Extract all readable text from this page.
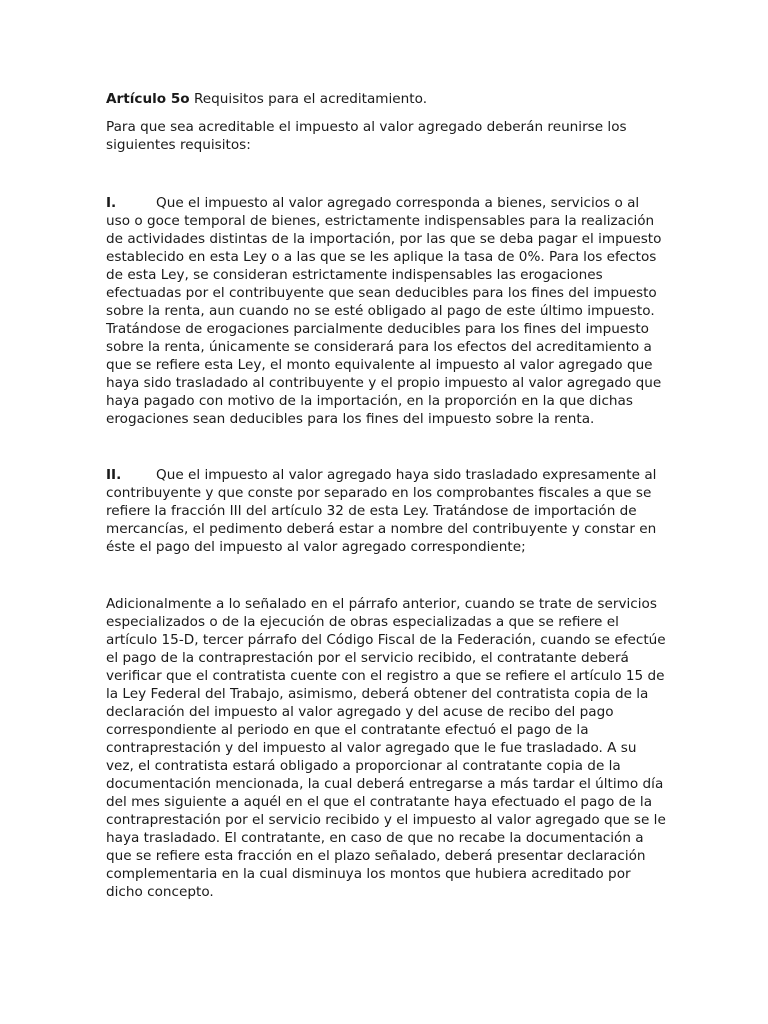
Artículo 5o Requisitos para el acreditamiento.

Para que sea acreditable el impuesto al valor agregado deberán reunirse los siguientes requisitos:

I.	Que el impuesto al valor agregado corresponda a bienes, servicios o al uso o goce temporal de bienes, estrictamente indispensables para la realización de actividades distintas de la importación, por las que se deba pagar el impuesto establecido en esta Ley o a las que se les aplique la tasa de 0%. Para los efectos de esta Ley, se consideran estrictamente indispensables las erogaciones efectuadas por el contribuyente que sean deducibles para los fines del impuesto sobre la renta, aun cuando no se esté obligado al pago de este último impuesto. Tratándose de erogaciones parcialmente deducibles para los fines del impuesto sobre la renta, únicamente se considerará para los efectos del acreditamiento a que se refiere esta Ley, el monto equivalente al impuesto al valor agregado que haya sido trasladado al contribuyente y el propio impuesto al valor agregado que haya pagado con motivo de la importación, en la proporción en la que dichas erogaciones sean deducibles para los fines del impuesto sobre la renta.

II.	Que el impuesto al valor agregado haya sido trasladado expresamente al contribuyente y que conste por separado en los comprobantes fiscales a que se refiere la fracción III del artículo 32 de esta Ley. Tratándose de importación de mercancías, el pedimento deberá estar a nombre del contribuyente y constar en éste el pago del impuesto al valor agregado correspondiente;

Adicionalmente a lo señalado en el párrafo anterior, cuando se trate de servicios especializados o de la ejecución de obras especializadas a que se refiere el artículo 15-D, tercer párrafo del Código Fiscal de la Federación, cuando se efectúe el pago de la contraprestación por el servicio recibido, el contratante deberá verificar que el contratista cuente con el registro a que se refiere el artículo 15 de la Ley Federal del Trabajo, asimismo, deberá obtener del contratista copia de la declaración del impuesto al valor agregado y del acuse de recibo del pago correspondiente al periodo en que el contratante efectuó el pago de la contraprestación y del impuesto al valor agregado que le fue trasladado. A su vez, el contratista estará obligado a proporcionar al contratante copia de la documentación mencionada, la cual deberá entregarse a más tardar el último día del mes siguiente a aquél en el que el contratante haya efectuado el pago de la contraprestación por el servicio recibido y el impuesto al valor agregado que se le haya trasladado. El contratante, en caso de que no recabe la documentación a que se refiere esta fracción en el plazo señalado, deberá presentar declaración complementaria en la cual disminuya los montos que hubiera acreditado por dicho concepto.
